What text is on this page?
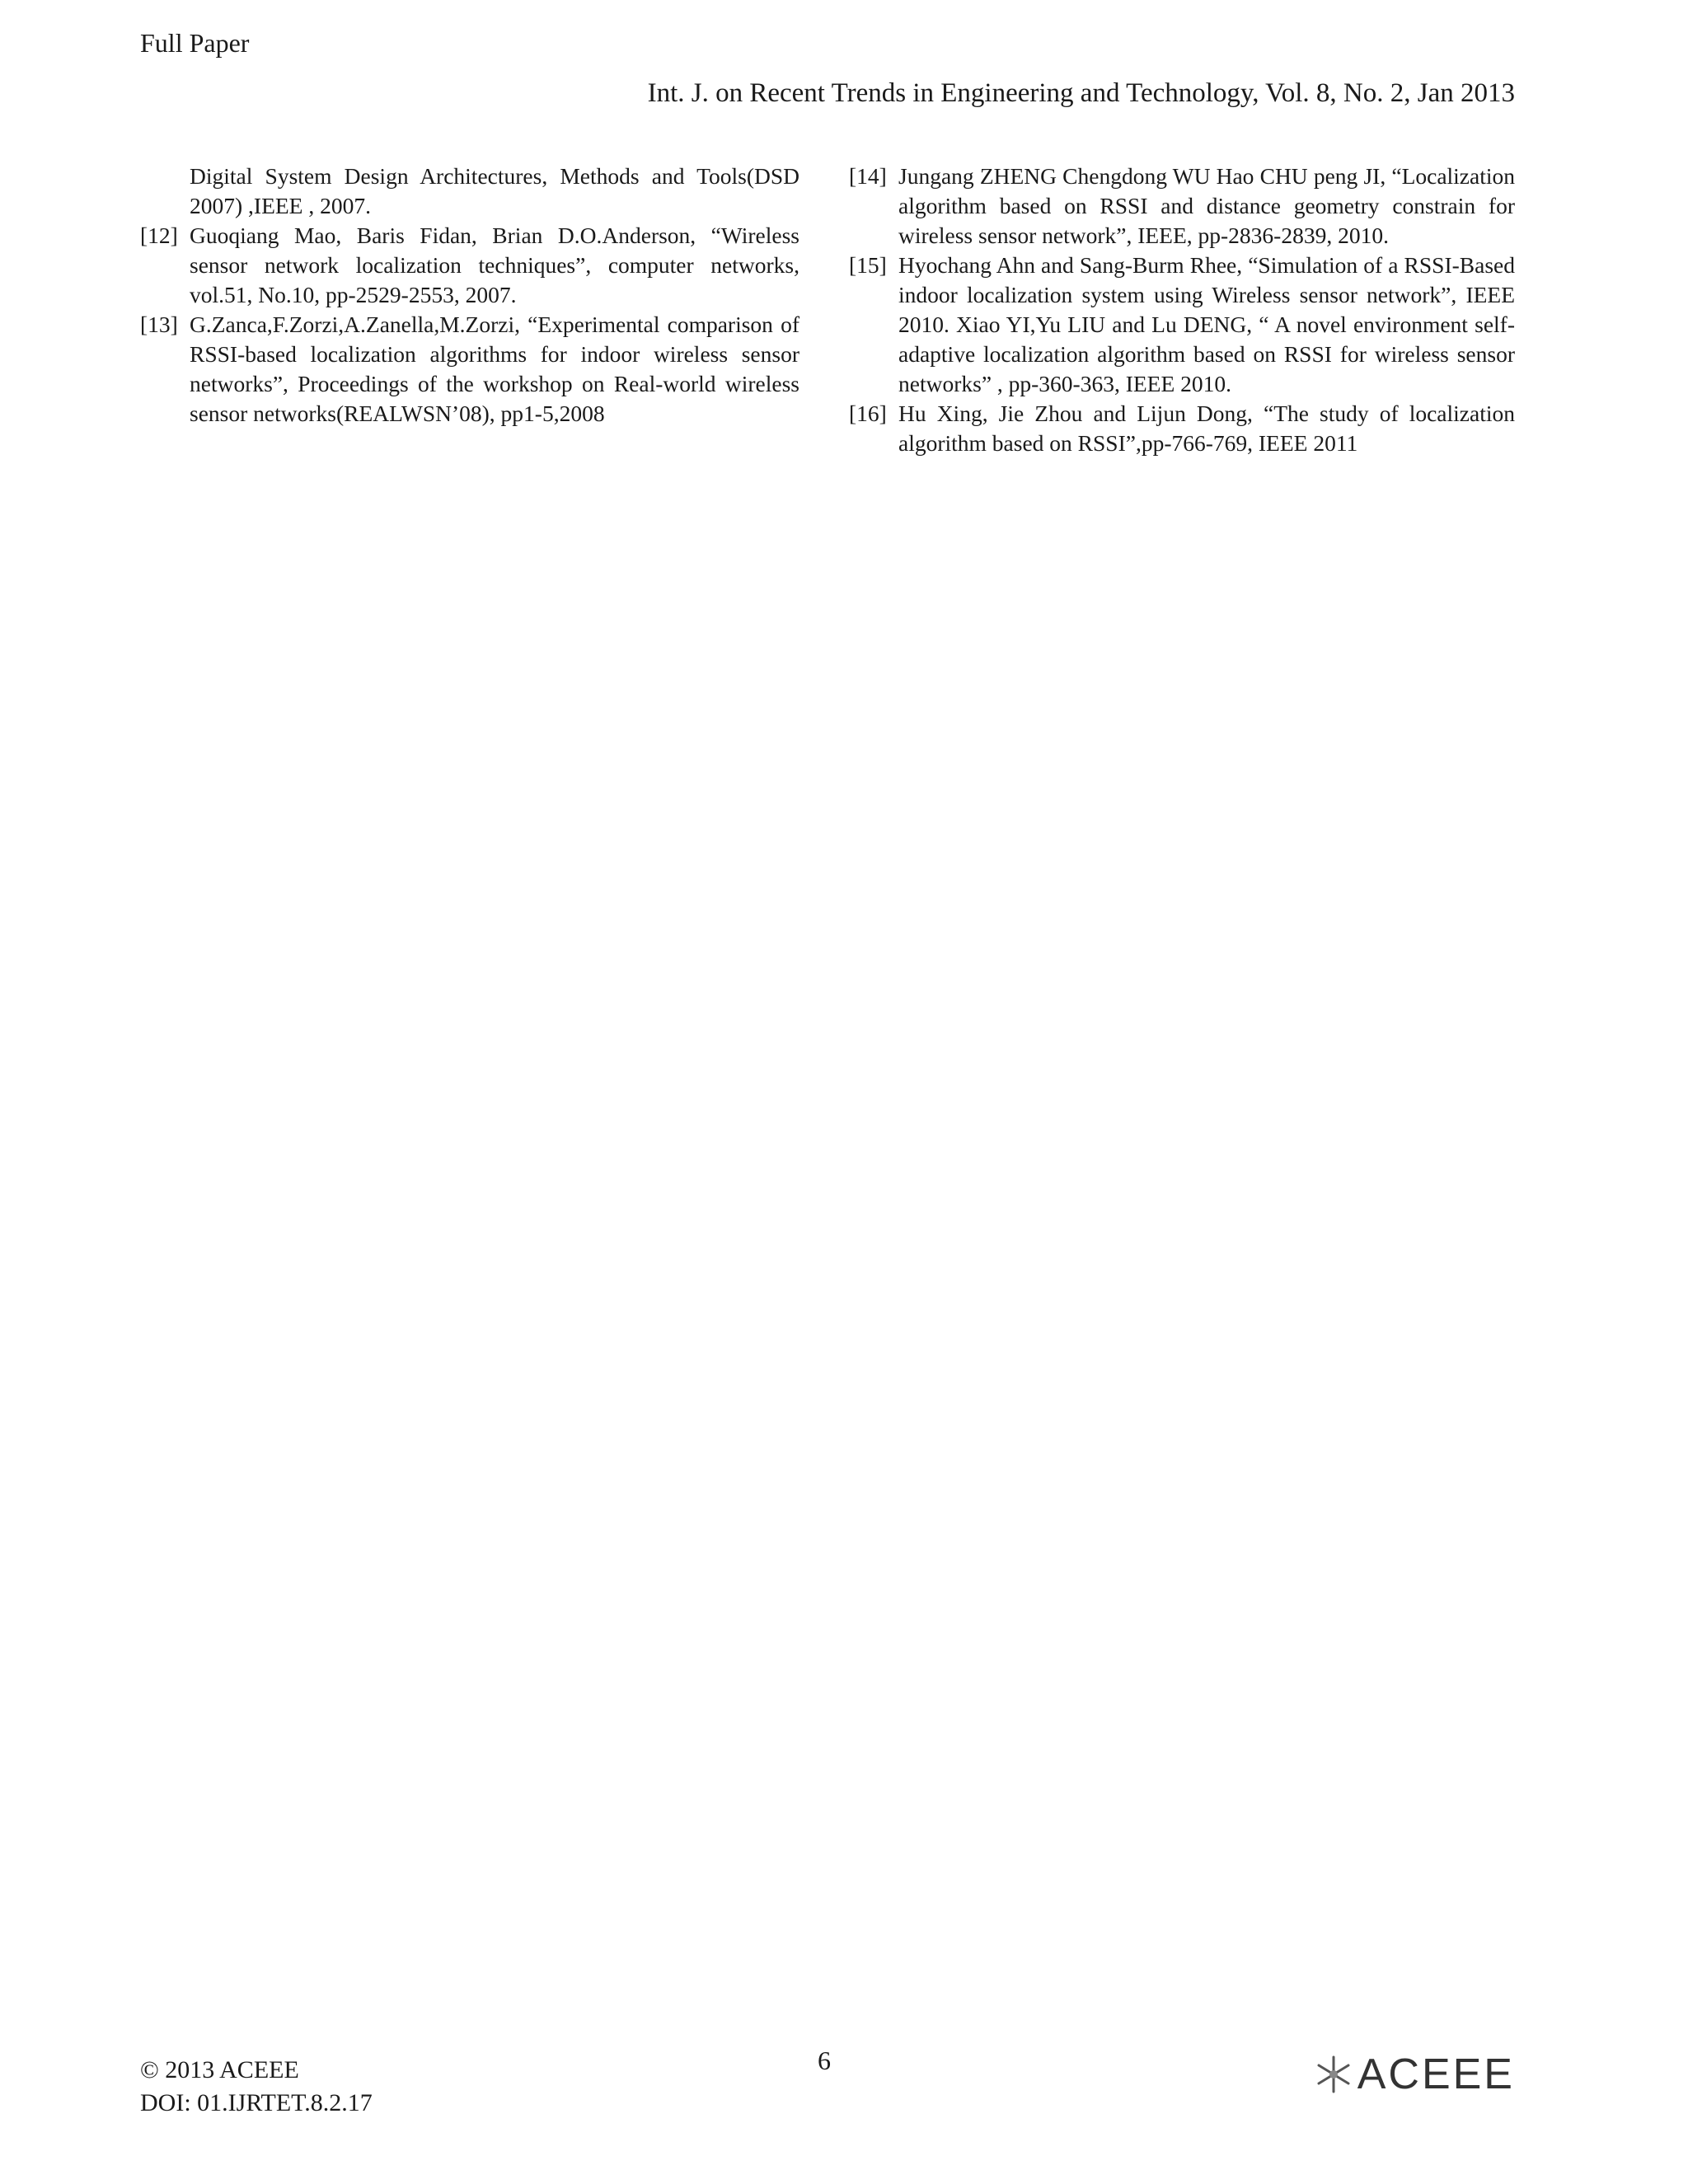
Full Paper
Int. J. on Recent Trends in Engineering and Technology, Vol. 8, No. 2, Jan 2013
Digital System Design Architectures, Methods and Tools(DSD 2007) ,IEEE , 2007.
[12] Guoqiang Mao, Baris Fidan, Brian D.O.Anderson, “Wireless sensor network localization techniques”, computer networks, vol.51, No.10, pp-2529-2553, 2007.
[13] G.Zanca,F.Zorzi,A.Zanella,M.Zorzi, “Experimental comparison of RSSI-based localization algorithms for indoor wireless sensor networks”, Proceedings of the workshop on Real-world wireless sensor networks(REALWSN’08), pp1-5,2008
[14] Jungang ZHENG Chengdong WU Hao CHU peng JI, “Localization algorithm based on RSSI and distance geometry constrain for wireless sensor network”, IEEE, pp-2836-2839, 2010.
[15] Hyochang Ahn and Sang-Burm Rhee, “Simulation of a RSSI-Based indoor localization system using Wireless sensor network”, IEEE 2010. Xiao YI,Yu LIU and Lu DENG, “ A novel environment self-adaptive localization algorithm based on RSSI for wireless sensor networks” , pp-360-363, IEEE 2010.
[16] Hu Xing, Jie Zhou and Lijun Dong, “The study of localization algorithm based on RSSI”,pp-766-769, IEEE 2011
© 2013 ACEEE
DOI: 01.IJRTET.8.2.17
6	ACEEE
